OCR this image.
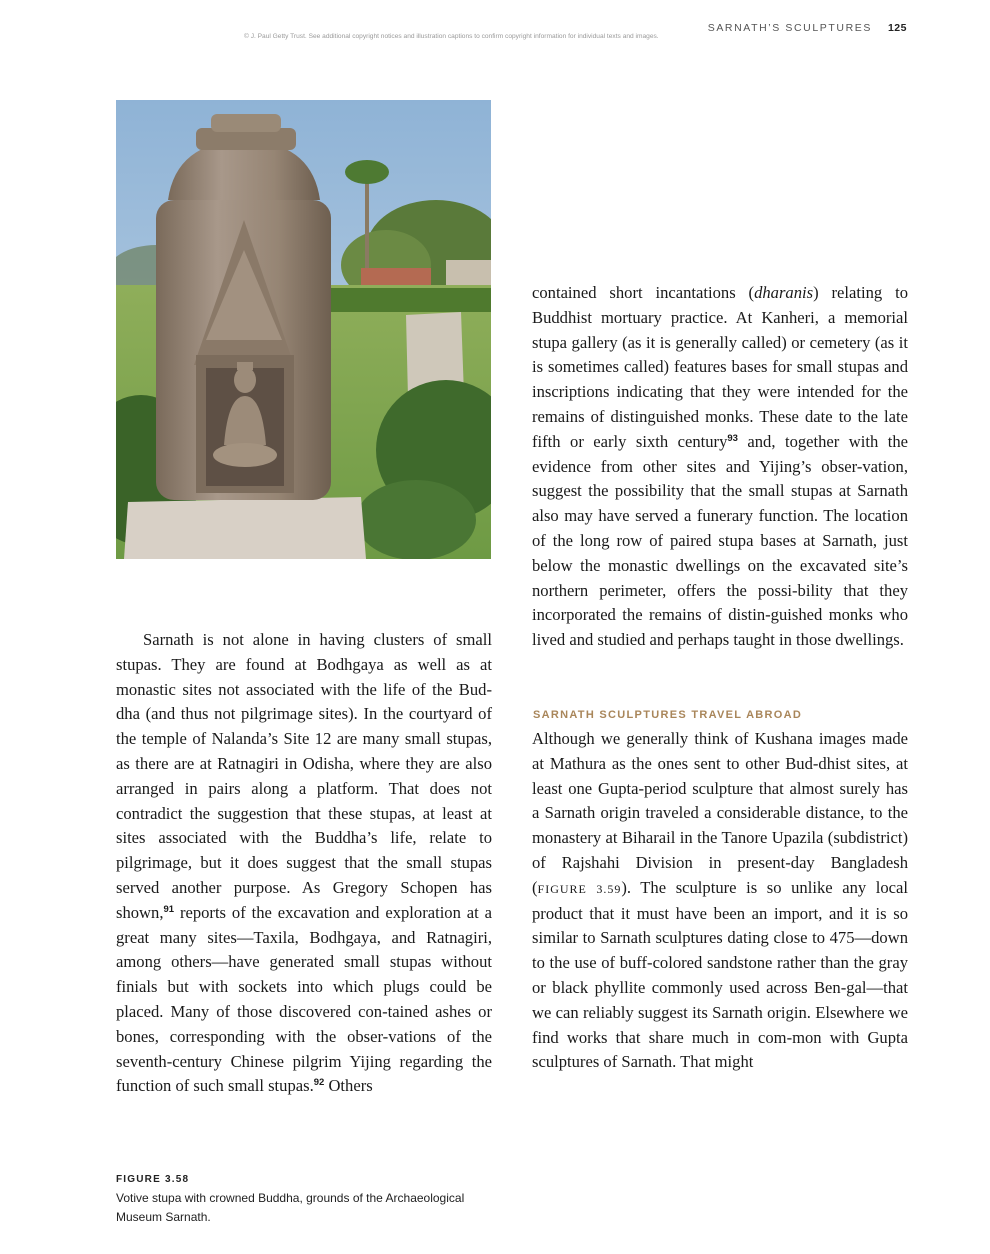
SARNATH’S SCULPTURES 125
© J. Paul Getty Trust. See additional copyright notices and illustration captions to confirm copyright information for individual texts and images.

Sarnath is not alone in having clusters of small stupas. They are found at Bodhgaya as well as at monastic sites not associated with the life of the Bud-dha (and thus not pilgrimage sites). In the courtyard of the temple of Nalanda’s Site 12 are many small stupas, as there are at Ratnagiri in Odisha, where they are also arranged in pairs along a platform. That does not contradict the suggestion that these stupas, at least at sites associated with the Buddha’s life, relate to pilgrimage, but it does suggest that the small stupas served another purpose. As Gregory Schopen has shown,$^{91}$ reports of the excavation and exploration at a great many sites—Taxila, Bodhgaya, and Ratnagiri, among others—have generated small stupas without finials but with sockets into which plugs could be placed. Many of those discovered con-tained ashes or bones, corresponding with the obser-vations of the seventh-century Chinese pilgrim Yijing regarding the function of such small stupas.$^{92}$ Others

contained short incantations (dharanis) relating to Buddhist mortuary practice. At Kanheri, a memorial stupa gallery (as it is generally called) or cemetery (as it is sometimes called) features bases for small stupas and inscriptions indicating that they were intended for the remains of distinguished monks. These date to the late fifth or early sixth century$^{93}$ and, together with the evidence from other sites and Yijing’s obser-vation, suggest the possibility that the small stupas at Sarnath also may have served a funerary function. The location of the long row of paired stupa bases at Sarnath, just below the monastic dwellings on the excavated site’s northern perimeter, offers the possi-bility that they incorporated the remains of distin-guished monks who lived and studied and perhaps taught in those dwellings.

SARNATH SCULPTURES TRAVEL ABROAD

Although we generally think of Kushana images made at Mathura as the ones sent to other Bud-dhist sites, at least one Gupta-period sculpture that almost surely has a Sarnath origin traveled a considerable distance, to the monastery at Biharail in the Tanore Upazila (subdistrict) of Rajshahi Division in present-day Bangladesh (FIGURE 3.59). The sculpture is so unlike any local product that it must have been an import, and it is so similar to Sarnath sculptures dating close to 475—down to the use of buff-colored sandstone rather than the gray or black phyllite commonly used across Ben-gal—that we can reliably suggest its Sarnath origin. Elsewhere we find works that share much in com-mon with Gupta sculptures of Sarnath. That might

FIGURE 3.58
Votive stupa with crowned Buddha, grounds of the Archaeological Museum Sarnath.
